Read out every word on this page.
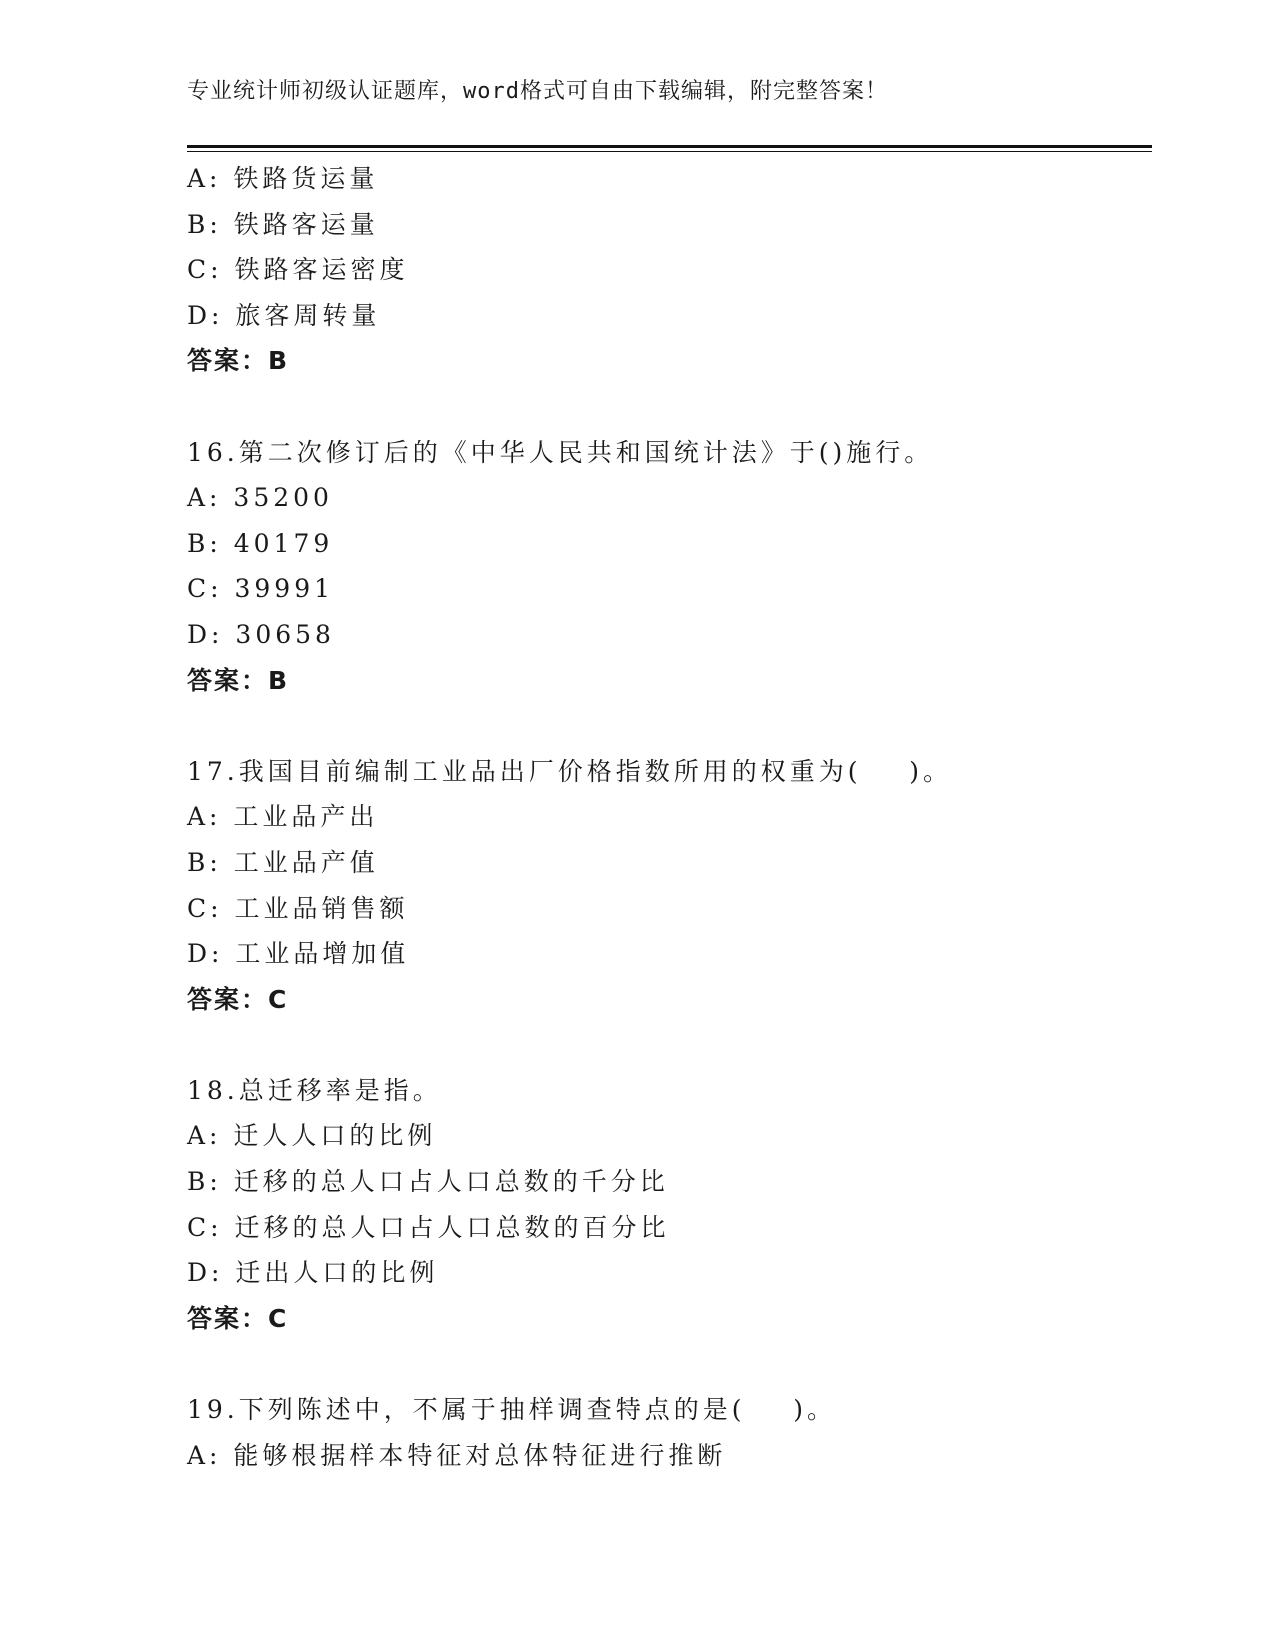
专业统计师初级认证题库，word格式可自由下载编辑，附完整答案！
A: 铁路货运量
B: 铁路客运量
C: 铁路客运密度
D: 旅客周转量
答案：B
16.第二次修订后的《中华人民共和国统计法》于()施行。
A: 35200
B: 40179
C: 39991
D: 30658
答案：B
17.我国目前编制工业品出厂价格指数所用的权重为(    )。
A: 工业品产出
B: 工业品产值
C: 工业品销售额
D: 工业品增加值
答案：C
18.总迁移率是指。
A: 迁人人口的比例
B: 迁移的总人口占人口总数的千分比
C: 迁移的总人口占人口总数的百分比
D: 迁出人口的比例
答案：C
19.下列陈述中，不属于抽样调查特点的是(    )。
A: 能够根据样本特征对总体特征进行推断
